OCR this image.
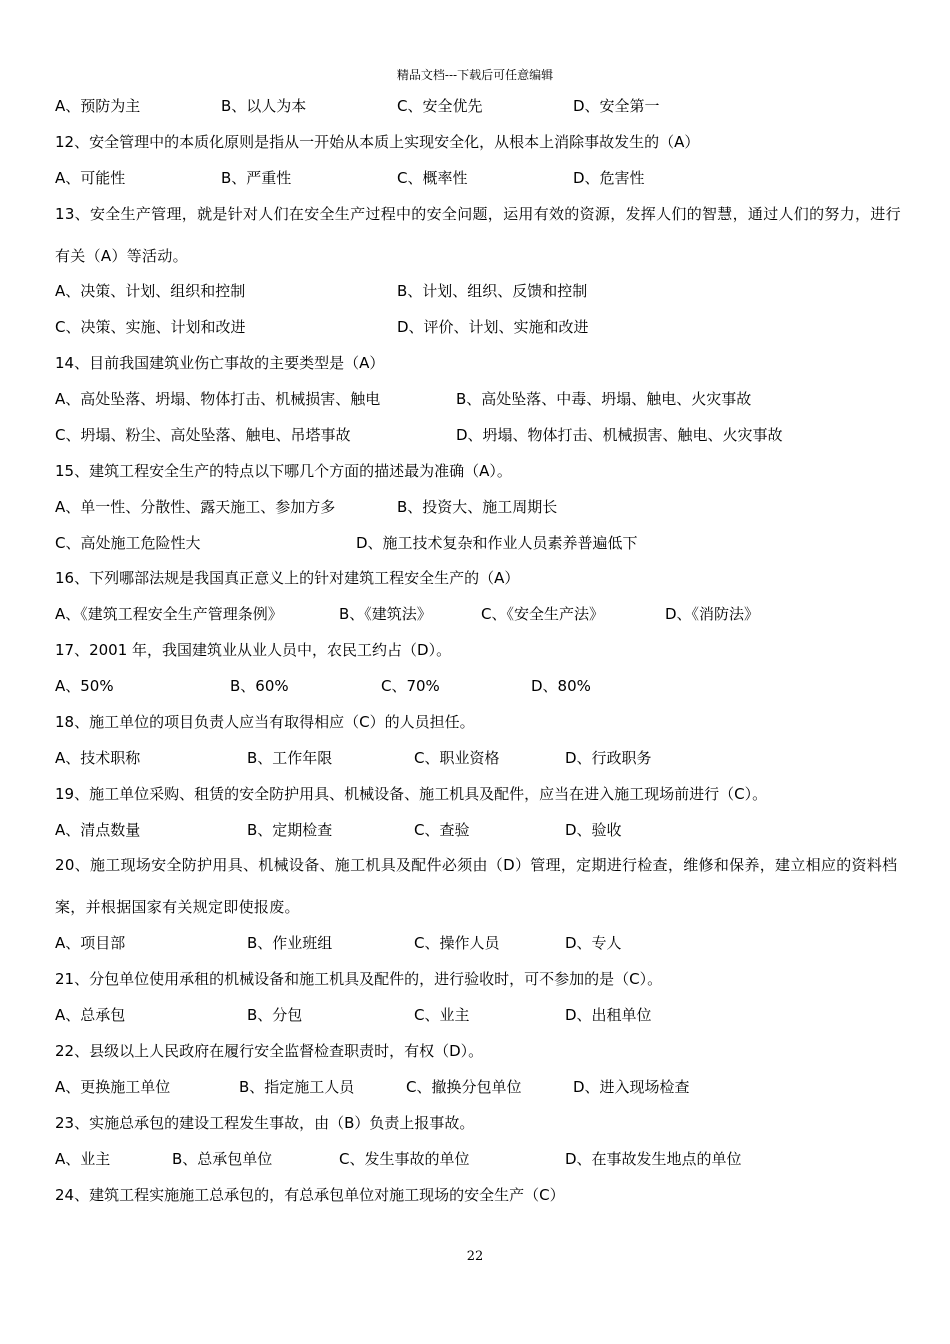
精品文档---下载后可任意编辑
A、预防为主	B、以人为本	C、安全优先	D、安全第一
12、安全管理中的本质化原则是指从一开始从本质上实现安全化，从根本上消除事故发生的（A）
A、可能性	B、严重性	C、概率性	D、危害性
13、安全生产管理，就是针对人们在安全生产过程中的安全问题，运用有效的资源，发挥人们的智慧，通过人们的努力，进行有关（A）等活动。
A、决策、计划、组织和控制	B、计划、组织、反馈和控制
C、决策、实施、计划和改进	D、评价、计划、实施和改进
14、目前我国建筑业伤亡事故的主要类型是（A）
A、高处坠落、坍塌、物体打击、机械损害、触电	B、高处坠落、中毒、坍塌、触电、火灾事故
C、坍塌、粉尘、高处坠落、触电、吊塔事故	D、坍塌、物体打击、机械损害、触电、火灾事故
15、建筑工程安全生产的特点以下哪几个方面的描述最为准确（A）。
A、单一性、分散性、露天施工、参加方多	B、投资大、施工周期长
C、高处施工危险性大	D、施工技术复杂和作业人员素养普遍低下
16、下列哪部法规是我国真正意义上的针对建筑工程安全生产的（A）
A、《建筑工程安全生产管理条例》	B、《建筑法》	C、《安全生产法》	D、《消防法》
17、2001 年，我国建筑业从业人员中，农民工约占（D）。
A、50%	B、60%	C、70%	D、80%
18、施工单位的项目负责人应当有取得相应（C）的人员担任。
A、技术职称	B、工作年限	C、职业资格	D、行政职务
19、施工单位采购、租赁的安全防护用具、机械设备、施工机具及配件，应当在进入施工现场前进行（C）。
A、清点数量	B、定期检查	C、查验	D、验收
20、施工现场安全防护用具、机械设备、施工机具及配件必须由（D）管理，定期进行检查，维修和保养，建立相应的资料档案，并根据国家有关规定即使报废。
A、项目部	B、作业班组	C、操作人员	D、专人
21、分包单位使用承租的机械设备和施工机具及配件的，进行验收时，可不参加的是（C）。
A、总承包	B、分包	C、业主	D、出租单位
22、县级以上人民政府在履行安全监督检查职责时，有权（D）。
A、更换施工单位	B、指定施工人员	C、撤换分包单位	D、进入现场检查
23、实施总承包的建设工程发生事故，由（B）负责上报事故。
A、业主	B、总承包单位	C、发生事故的单位	D、在事故发生地点的单位
24、建筑工程实施施工总承包的，有总承包单位对施工现场的安全生产（C）
22
